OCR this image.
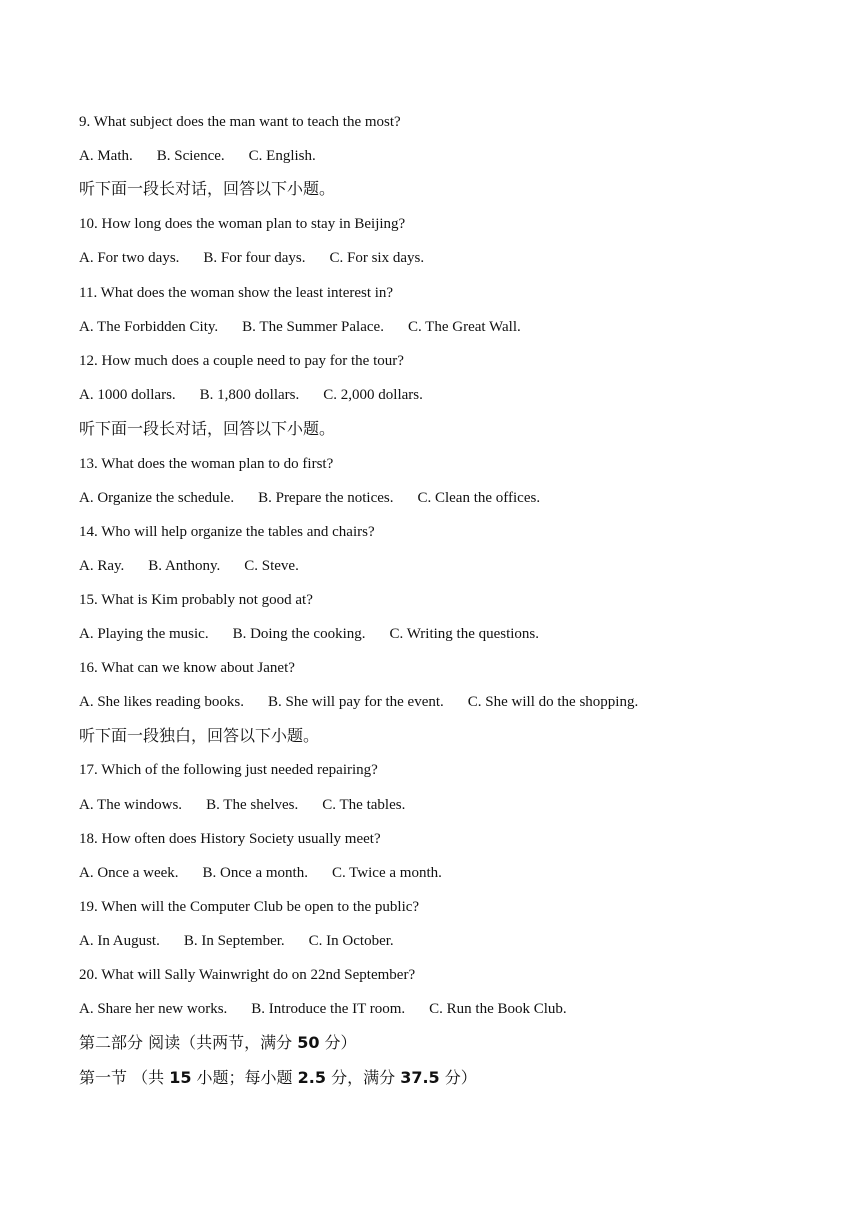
9. What subject does the man want to teach the most?
A. Math. B. Science. C. English.
听下面一段长对话，回答以下小题。
10. How long does the woman plan to stay in Beijing?
A. For two days. B. For four days. C. For six days.
11. What does the woman show the least interest in?
A. The Forbidden City. B. The Summer Palace. C. The Great Wall.
12. How much does a couple need to pay for the tour?
A. 1000 dollars. B. 1,800 dollars. C. 2,000 dollars.
听下面一段长对话，回答以下小题。
13. What does the woman plan to do first?
A. Organize the schedule. B. Prepare the notices. C. Clean the offices.
14. Who will help organize the tables and chairs?
A. Ray. B. Anthony. C. Steve.
15. What is Kim probably not good at?
A. Playing the music. B. Doing the cooking. C. Writing the questions.
16. What can we know about Janet?
A. She likes reading books. B. She will pay for the event. C. She will do the shopping.
听下面一段独白，回答以下小题。
17. Which of the following just needed repairing?
A. The windows. B. The shelves. C. The tables.
18. How often does History Society usually meet?
A. Once a week. B. Once a month. C. Twice a month.
19. When will the Computer Club be open to the public?
A. In August. B. In September. C. In October.
20. What will Sally Wainwright do on 22nd September?
A. Share her new works. B. Introduce the IT room. C. Run the Book Club.
第二部分 阅读（共两节，满分 50 分）
第一节 （共 15 小题；每小题 2.5 分，满分 37.5 分）
